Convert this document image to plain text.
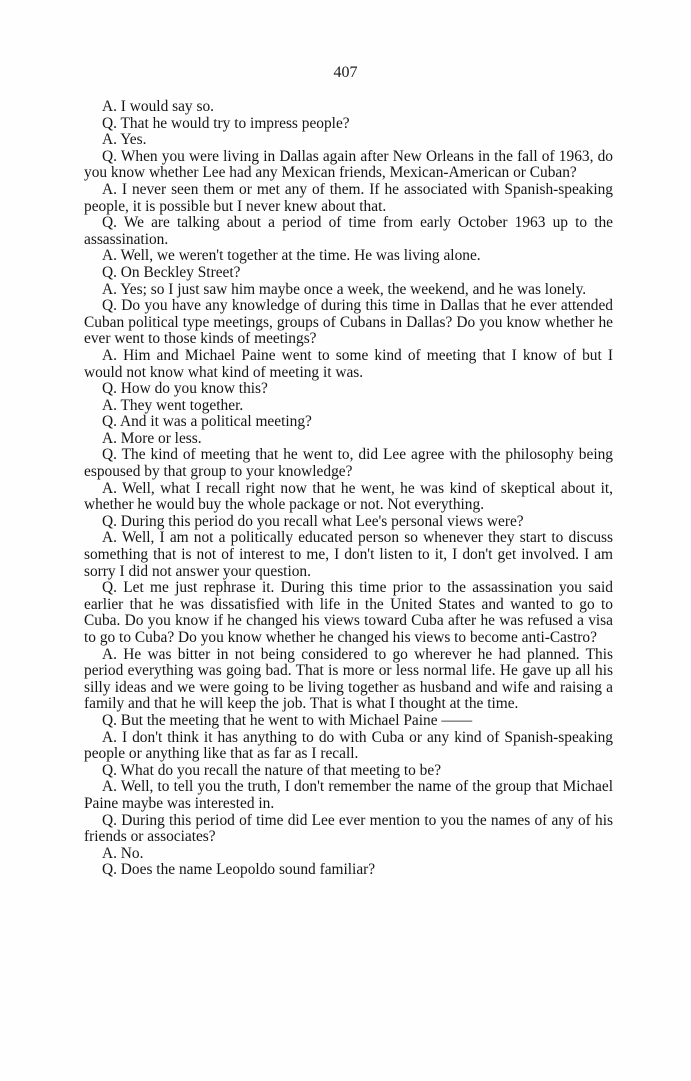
407

A. I would say so.

Q. That he would try to impress people?

A. Yes.

Q. When you were living in Dallas again after New Orleans in the fall of 1963, do you know whether Lee had any Mexican friends, Mexican-American or Cuban?

A. I never seen them or met any of them. If he associated with Spanish-speaking people, it is possible but I never knew about that.

Q. We are talking about a period of time from early October 1963 up to the assassination.

A. Well, we weren't together at the time. He was living alone.

Q. On Beckley Street?

A. Yes; so I just saw him maybe once a week, the weekend, and he was lonely.

Q. Do you have any knowledge of during this time in Dallas that he ever attended Cuban political type meetings, groups of Cubans in Dallas? Do you know whether he ever went to those kinds of meetings?

A. Him and Michael Paine went to some kind of meeting that I know of but I would not know what kind of meeting it was.

Q. How do you know this?

A. They went together.

Q. And it was a political meeting?

A. More or less.

Q. The kind of meeting that he went to, did Lee agree with the philosophy being espoused by that group to your knowledge?

A. Well, what I recall right now that he went, he was kind of skeptical about it, whether he would buy the whole package or not. Not everything.

Q. During this period do you recall what Lee's personal views were?

A. Well, I am not a politically educated person so whenever they start to discuss something that is not of interest to me, I don't listen to it, I don't get involved. I am sorry I did not answer your question.

Q. Let me just rephrase it. During this time prior to the assassination you said earlier that he was dissatisfied with life in the United States and wanted to go to Cuba. Do you know if he changed his views toward Cuba after he was refused a visa to go to Cuba? Do you know whether he changed his views to become anti-Castro?

A. He was bitter in not being considered to go wherever he had planned. This period everything was going bad. That is more or less normal life. He gave up all his silly ideas and we were going to be living together as husband and wife and raising a family and that he will keep the job. That is what I thought at the time.

Q. But the meeting that he went to with Michael Paine ——

A. I don't think it has anything to do with Cuba or any kind of Spanish-speaking people or anything like that as far as I recall.

Q. What do you recall the nature of that meeting to be?

A. Well, to tell you the truth, I don't remember the name of the group that Michael Paine maybe was interested in.

Q. During this period of time did Lee ever mention to you the names of any of his friends or associates?

A. No.

Q. Does the name Leopoldo sound familiar?
